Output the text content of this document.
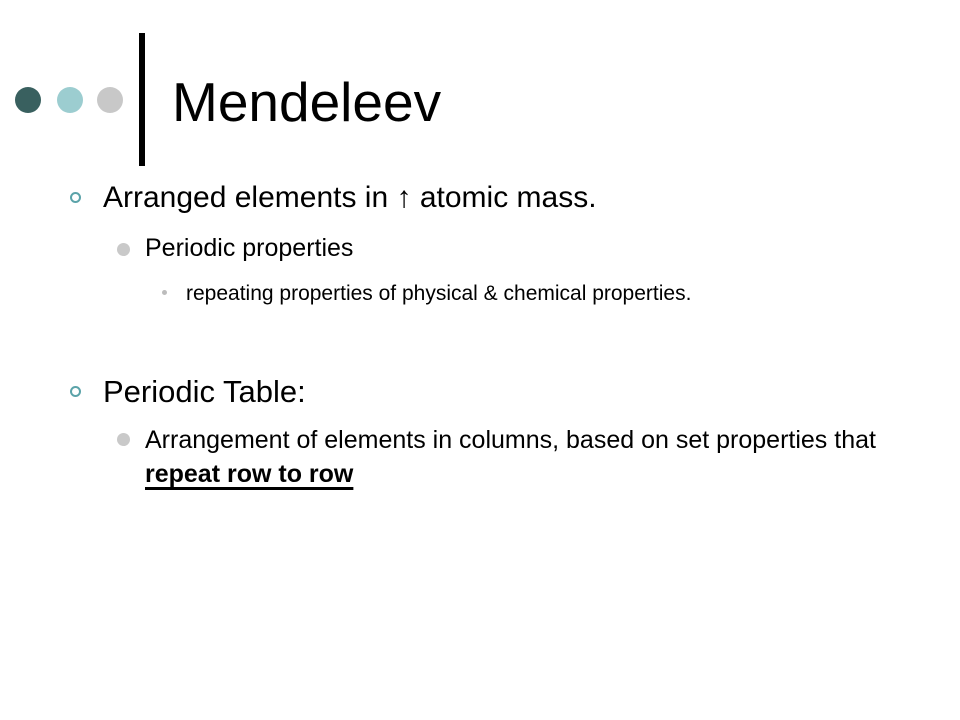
Mendeleev
Arranged elements in ↑ atomic mass.
Periodic properties
repeating properties of physical & chemical properties.
Periodic Table:
Arrangement of elements in columns, based on set properties that repeat row to row
